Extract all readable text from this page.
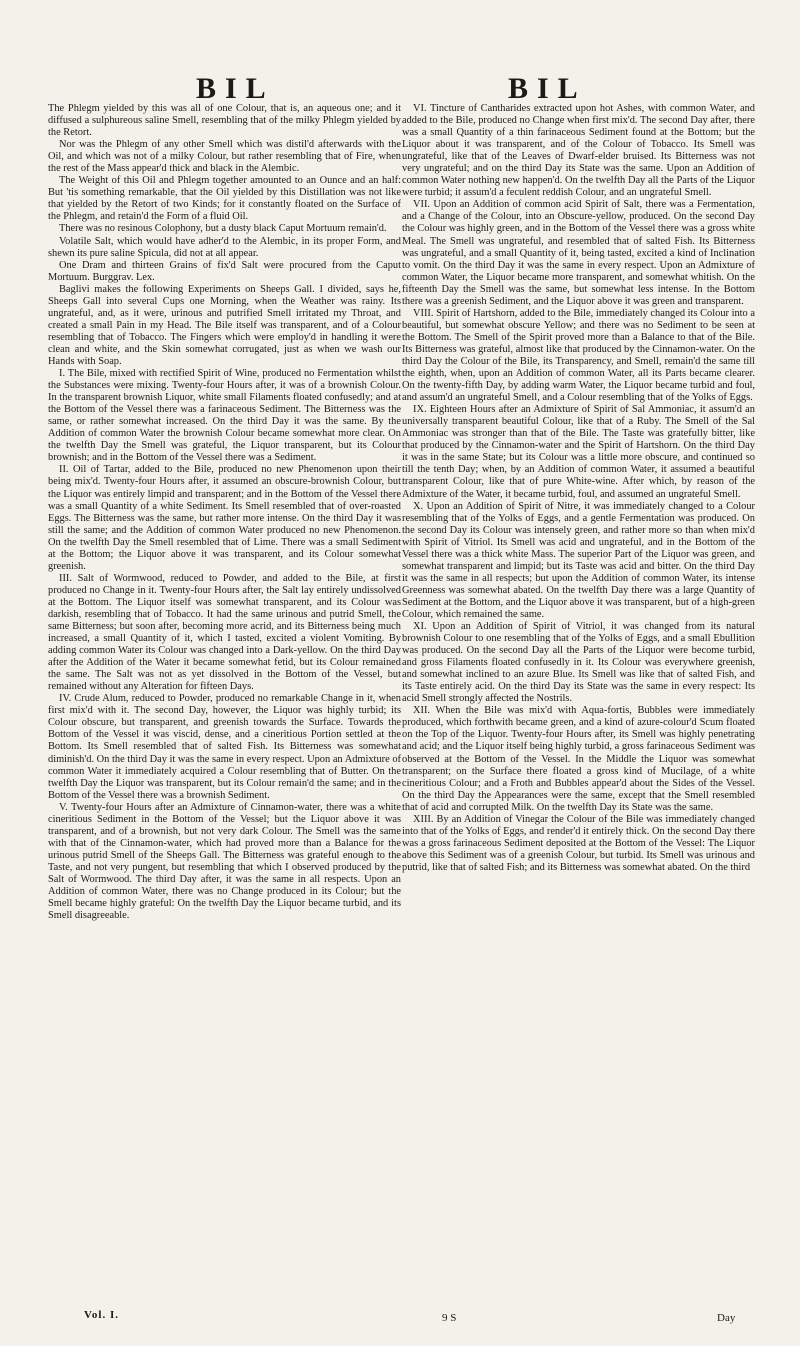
BIL	BIL

The Phlegm yielded by this was all of one Colour, that is, an aqueous one; and it diffused a sulphureous saline Smell, resembling that of the milky Phlegm yielded by the Retort.

Nor was the Phlegm of any other Smell which was distil'd afterwards with the Oil, and which was not of a milky Colour, but rather resembling that of Fire, when the rest of the Mass appear'd thick and black in the Alembic.

The Weight of this Oil and Phlegm together amounted to an Ounce and an half: But 'tis something remarkable, that the Oil yielded by this Distillation was not like that yielded by the Retort of two Kinds; for it constantly floated on the Surface of the Phlegm, and retain'd the Form of a fluid Oil.

There was no resinous Colophony, but a dusty black Caput Mortuum remain'd.

Volatile Salt, which would have adher'd to the Alembic, in its proper Form, and shewn its pure saline Spicula, did not at all appear.

One Dram and thirteen Grains of fix'd Salt were procured from the Caput Mortuum. Burggrav. Lex.

Baglivi makes the following Experiments on Sheeps Gall. I divided, says he, Sheeps Gall into several Cups one Morning, when the Weather was rainy. Its ungrateful, and, as it were, urinous and putrified Smell irritated my Throat, and created a small Pain in my Head. The Bile itself was transparent, and of a Colour resembling that of Tobacco. The Fingers which were employ'd in handling it were clean and white, and the Skin somewhat corrugated, just as when we wash our Hands with Soap.

I. The Bile, mixed with rectified Spirit of Wine, produced no Fermentation whilst the Substances were mixing. Twenty-four Hours after, it was of a brownish Colour. In the transparent brownish Liquor, white small Filaments floated confusedly; and at the Bottom of the Vessel there was a farinaceous Sediment. The Bitterness was the same, or rather somewhat increased. On the third Day it was the same. By the Addition of common Water the brownish Colour became somewhat more clear. On the twelfth Day the Smell was grateful, the Liquor transparent, but its Colour brownish; and in the Bottom of the Vessel there was a Sediment.

II. Oil of Tartar, added to the Bile, produced no new Phenomenon upon their being mix'd. Twenty-four Hours after, it assumed an obscure-brownish Colour, but the Liquor was entirely limpid and transparent; and in the Bottom of the Vessel there was a small Quantity of a white Sediment. Its Smell resembled that of over-roasted Eggs. The Bitterness was the same, but rather more intense. On the third Day it was still the same; and the Addition of common Water produced no new Phenomenon. On the twelfth Day the Smell resembled that of Lime. There was a small Sediment at the Bottom; the Liquor above it was transparent, and its Colour somewhat greenish.

III. Salt of Wormwood, reduced to Powder, and added to the Bile, at first produced no Change in it. Twenty-four Hours after, the Salt lay entirely undissolved at the Bottom. The Liquor itself was somewhat transparent, and its Colour was darkish, resembling that of Tobacco. It had the same urinous and putrid Smell, the same Bitterness; but soon after, becoming more acrid, and its Bitterness being much increased, a small Quantity of it, which I tasted, excited a violent Vomiting. By adding common Water its Colour was changed into a Dark-yellow. On the third Day after the Addition of the Water it became somewhat fetid, but its Colour remained the same. The Salt was not as yet dissolved in the Bottom of the Vessel, but remained without any Alteration for fifteen Days.

IV. Crude Alum, reduced to Powder, produced no remarkable Change in it, when first mix'd with it. The second Day, however, the Liquor was highly turbid; its Colour obscure, but transparent, and greenish towards the Surface. Towards the Bottom of the Vessel it was viscid, dense, and a cineritious Portion settled at the Bottom. Its Smell resembled that of salted Fish. Its Bitterness was somewhat diminish'd. On the third Day it was the same in every respect. Upon an Admixture of common Water it immediately acquired a Colour resembling that of Butter. On the twelfth Day the Liquor was transparent, but its Colour remain'd the same; and in the Bottom of the Vessel there was a brownish Sediment.

V. Twenty-four Hours after an Admixture of Cinnamon-water, there was a white cineritious Sediment in the Bottom of the Vessel; but the Liquor above it was transparent, and of a brownish, but not very dark Colour. The Smell was the same with that of the Cinnamon-water, which had proved more than a Balance for the urinous putrid Smell of the Sheeps Gall. The Bitterness was grateful enough to the Taste, and not very pungent, but resembling that which I observed produced by the Salt of Wormwood. The third Day after, it was the same in all respects. Upon an Addition of common Water, there was no Change produced in its Colour; but the Smell became highly grateful: On the twelfth Day the Liquor became turbid, and its Smell disagreeable.

VI. Tincture of Cantharides extracted upon hot Ashes, with common Water, and added to the Bile, produced no Change when first mix'd. The second Day after, there was a small Quantity of a thin farinaceous Sediment found at the Bottom; but the Liquor about it was transparent, and of the Colour of Tobacco. Its Smell was ungrateful, like that of the Leaves of Dwarf-elder bruised. Its Bitterness was not very ungrateful; and on the third Day its State was the same. Upon an Addition of common Water nothing new happen'd. On the twelfth Day all the Parts of the Liquor were turbid; it assum'd a feculent reddish Colour, and an ungrateful Smell.

VII. Upon an Addition of common acid Spirit of Salt, there was a Fermentation, and a Change of the Colour, into an Obscure-yellow, produced. On the second Day the Colour was highly green, and in the Bottom of the Vessel there was a gross white Meal. The Smell was ungrateful, and resembled that of salted Fish. Its Bitterness was ungrateful, and a small Quantity of it, being tasted, excited a kind of Inclination to vomit. On the third Day it was the same in every respect. Upon an Admixture of common Water, the Liquor became more transparent, and somewhat whitish. On the fifteenth Day the Smell was the same, but somewhat less intense. In the Bottom there was a greenish Sediment, and the Liquor above it was green and transparent.

VIII. Spirit of Hartshorn, added to the Bile, immediately changed its Colour into a beautiful, but somewhat obscure Yellow; and there was no Sediment to be seen at the Bottom. The Smell of the Spirit proved more than a Balance to that of the Bile. Its Bitterness was grateful, almost like that produced by the Cinnamon-water. On the third Day the Colour of the Bile, its Transparency, and Smell, remain'd the same till the eighth, when, upon an Addition of common Water, all its Parts became clearer. On the twenty-fifth Day, by adding warm Water, the Liquor became turbid and foul, and assum'd an ungrateful Smell, and a Colour resembling that of the Yolks of Eggs.

IX. Eighteen Hours after an Admixture of Spirit of Sal Ammoniac, it assum'd an universally transparent beautiful Colour, like that of a Ruby. The Smell of the Sal Ammoniac was stronger than that of the Bile. The Taste was gratefully bitter, like that produced by the Cinnamon-water and the Spirit of Hartshorn. On the third Day it was in the same State; but its Colour was a little more obscure, and continued so till the tenth Day; when, by an Addition of common Water, it assumed a beautiful transparent Colour, like that of pure White-wine. After which, by reason of the Admixture of the Water, it became turbid, foul, and assumed an ungrateful Smell.

X. Upon an Addition of Spirit of Nitre, it was immediately changed to a Colour resembling that of the Yolks of Eggs, and a gentle Fermentation was produced. On the second Day its Colour was intensely green, and rather more so than when mix'd with Spirit of Vitriol. Its Smell was acid and ungrateful, and in the Bottom of the Vessel there was a thick white Mass. The superior Part of the Liquor was green, and somewhat transparent and limpid; but its Taste was acid and bitter. On the third Day it was the same in all respects; but upon the Addition of common Water, its intense Greenness was somewhat abated. On the twelfth Day there was a large Quantity of Sediment at the Bottom, and the Liquor above it was transparent, but of a high-green Colour, which remained the same.

XI. Upon an Addition of Spirit of Vitriol, it was changed from its natural brownish Colour to one resembling that of the Yolks of Eggs, and a small Ebullition was produced. On the second Day all the Parts of the Liquor were become turbid, and gross Filaments floated confusedly in it. Its Colour was everywhere greenish, and somewhat inclined to an azure Blue. Its Smell was like that of salted Fish, and its Taste entirely acid. On the third Day its State was the same in every respect: Its acid Smell strongly affected the Nostrils.

XII. When the Bile was mix'd with Aqua-fortis, Bubbles were immediately produced, which forthwith became green, and a kind of azure-colour'd Scum floated on the Top of the Liquor. Twenty-four Hours after, its Smell was highly penetrating and acid; and the Liquor itself being highly turbid, a gross farinaceous Sediment was observed at the Bottom of the Vessel. In the Middle the Liquor was somewhat transparent; on the Surface there floated a gross kind of Mucilage, of a white cineritious Colour; and a Froth and Bubbles appear'd about the Sides of the Vessel. On the third Day the Appearances were the same, except that the Smell resembled that of acid and corrupted Milk. On the twelfth Day its State was the same.

XIII. By an Addition of Vinegar the Colour of the Bile was immediately changed into that of the Yolks of Eggs, and render'd it entirely thick. On the second Day there was a gross farinaceous Sediment deposited at the Bottom of the Vessel: The Liquor above this Sediment was of a greenish Colour, but turbid. Its Smell was urinous and putrid, like that of salted Fish; and its Bitterness was somewhat abated. On the third

Vol. I.	9 S	Day
